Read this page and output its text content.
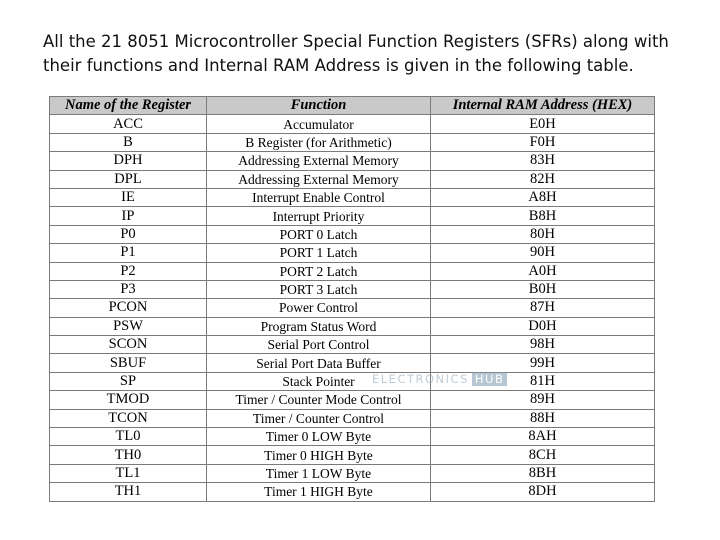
All the 21 8051 Microcontroller Special Function Registers (SFRs) along with
their functions and Internal RAM Address is given in the following table.
Name of the Register	Function	Internal RAM Address (HEX)
ACC	Accumulator	E0H
B	B Register (for Arithmetic)	F0H
DPH	Addressing External Memory	83H
DPL	Addressing External Memory	82H
IE	Interrupt Enable Control	A8H
IP	Interrupt Priority	B8H
P0	PORT 0 Latch	80H
P1	PORT 1 Latch	90H
P2	PORT 2 Latch	A0H
P3	PORT 3 Latch	B0H
PCON	Power Control	87H
PSW	Program Status Word	D0H
SCON	Serial Port Control	98H
SBUF	Serial Port Data Buffer	99H
SP	Stack Pointer	81H
TMOD	Timer / Counter Mode Control	89H
TCON	Timer / Counter Control	88H
TL0	Timer 0 LOW Byte	8AH
TH0	Timer 0 HIGH Byte	8CH
TL1	Timer 1 LOW Byte	8BH
TH1	Timer 1 HIGH Byte	8DH
ELECTRONICS HUB
